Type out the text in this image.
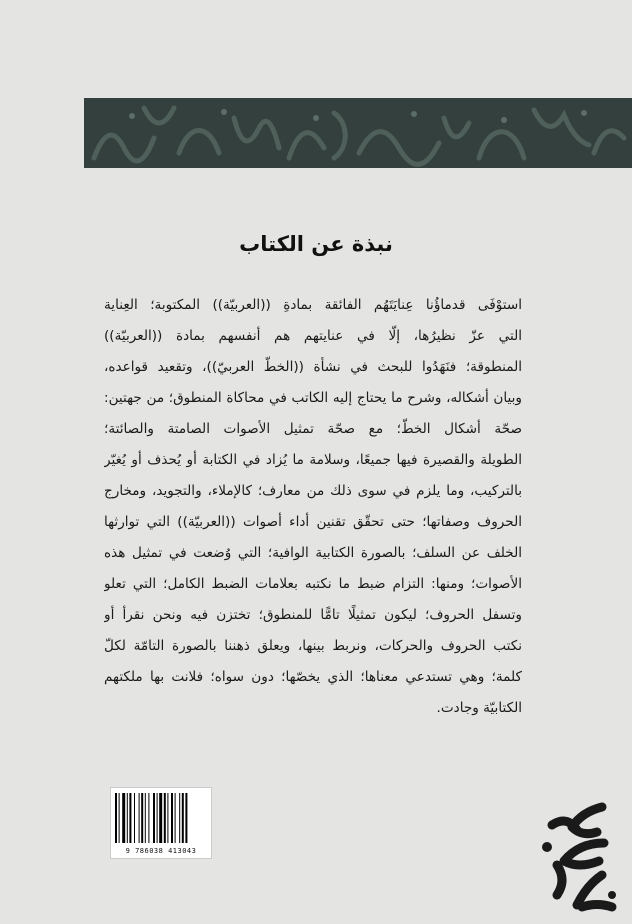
نبذة عن الكتاب
استوْفَى قدماؤُنا عِنايَتَهُم الفائقة بمادةِ ((العربيّة)) المكتوبة؛ العِناية
التي عزّ نظيرُها، إلّا في عنايتهم هم أنفسهم بمادة ((العربيّة))
المنطوقة؛ فنَهَدُوا للبحث في نشأة ((الخطّ العربيّ))، وتقعيد قواعده،
وبيان أشكاله، وشرح ما يحتاج إليه الكاتب في محاكاة المنطوق؛ من جهتين:
صحّة أشكال الخطّ؛ مع صحّة تمثيل الأصوات الصامتة والصائتة؛
الطويلة والقصيرة فيها جميعًا، وسلامة ما يُزاد في الكتابة أو يُحذف أو يُغيّر
بالتركيب، وما يلزم في سوى ذلك من معارف؛ كالإملاء، والتجويد، ومخارج
الحروف وصفاتها؛ حتى تحقّق تقنين أداء أصوات ((العربيّة)) التي توارثها
الخلف عن السلف؛ بالصورة الكتابية الوافية؛ التي وُضعت في تمثيل هذه
الأصوات؛ ومنها: التزام ضبط ما نكتبه بعلامات الضبط الكامل؛ التي تعلو
وتسفل الحروف؛ ليكون تمثيلًا تامًّا للمنطوق؛ تختزن فيه ونحن نقرأ أو
نكتب الحروف والحركات، ونربط بينها، ويعلق ذهننا بالصورة التامّة لكلّ
كلمة؛ وهي تستدعي معناها؛ الذي يخصّها؛ دون سواه؛ فلانت بها ملكتهم
الكتابيّة وجادت.
9 786038 413043
